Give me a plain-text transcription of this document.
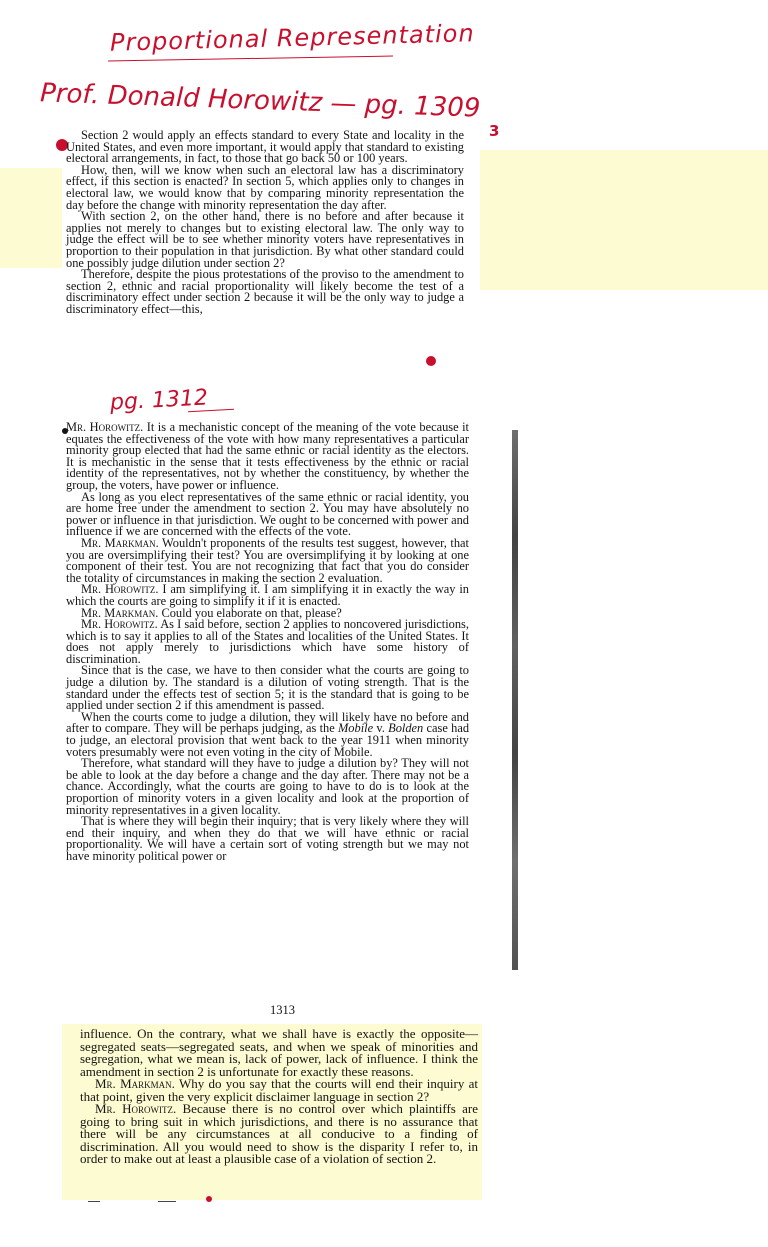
Proportional Representation
Prof. Donald Horowitz — pg. 1309
3
pg. 1312

Section 2 would apply an effects standard to every State and locality in the United States, and even more important, it would apply that standard to existing electoral arrangements, in fact, to those that go back 50 or 100 years.

How, then, will we know when such an electoral law has a discriminatory effect, if this section is enacted? In section 5, which applies only to changes in electoral law, we would know that by comparing minority representation the day before the change with minority representation the day after.

With section 2, on the other hand, there is no before and after because it applies not merely to changes but to existing electoral law. The only way to judge the effect will be to see whether minority voters have representatives in proportion to their population in that jurisdiction. By what other standard could one possibly judge dilution under section 2?

Therefore, despite the pious protestations of the proviso to the amendment to section 2, ethnic and racial proportionality will likely become the test of a discriminatory effect under section 2 because it will be the only way to judge a discriminatory effect—this,

Mr. Horowitz. It is a mechanistic concept of the meaning of the vote because it equates the effectiveness of the vote with how many representatives a particular minority group elected that had the same ethnic or racial identity as the electors. It is mechanistic in the sense that it tests effectiveness by the ethnic or racial identity of the representatives, not by whether the constituency, by whether the group, the voters, have power or influence.

As long as you elect representatives of the same ethnic or racial identity, you are home free under the amendment to section 2. You may have absolutely no power or influence in that jurisdiction. We ought to be concerned with power and influence if we are concerned with the effects of the vote.

Mr. Markman. Wouldn't proponents of the results test suggest, however, that you are oversimplifying their test? You are oversimplifying it by looking at one component of their test. You are not recognizing that fact that you do consider the totality of circumstances in making the section 2 evaluation.

Mr. Horowitz. I am simplifying it. I am simplifying it in exactly the way in which the courts are going to simplify it if it is enacted.

Mr. Markman. Could you elaborate on that, please?

Mr. Horowitz. As I said before, section 2 applies to noncovered jurisdictions, which is to say it applies to all of the States and localities of the United States. It does not apply merely to jurisdictions which have some history of discrimination.

Since that is the case, we have to then consider what the courts are going to judge a dilution by. The standard is a dilution of voting strength. That is the standard under the effects test of section 5; it is the standard that is going to be applied under section 2 if this amendment is passed.

When the courts come to judge a dilution, they will likely have no before and after to compare. They will be perhaps judging, as the Mobile v. Bolden case had to judge, an electoral provision that went back to the year 1911 when minority voters presumably were not even voting in the city of Mobile.

Therefore, what standard will they have to judge a dilution by? They will not be able to look at the day before a change and the day after. There may not be a chance. Accordingly, what the courts are going to have to do is to look at the proportion of minority voters in a given locality and look at the proportion of minority representatives in a given locality.

That is where they will begin their inquiry; that is very likely where they will end their inquiry, and when they do that we will have ethnic or racial proportionality. We will have a certain sort of voting strength but we may not have minority political power or

1313

influence. On the contrary, what we shall have is exactly the opposite—segregated seats—segregated seats, and when we speak of minorities and segregation, what we mean is, lack of power, lack of influence. I think the amendment in section 2 is unfortunate for exactly these reasons.

Mr. Markman. Why do you say that the courts will end their inquiry at that point, given the very explicit disclaimer language in section 2?

Mr. Horowitz. Because there is no control over which plaintiffs are going to bring suit in which jurisdictions, and there is no assurance that there will be any circumstances at all conducive to a finding of discrimination. All you would need to show is the disparity I refer to, in order to make out at least a plausible case of a violation of section 2.
